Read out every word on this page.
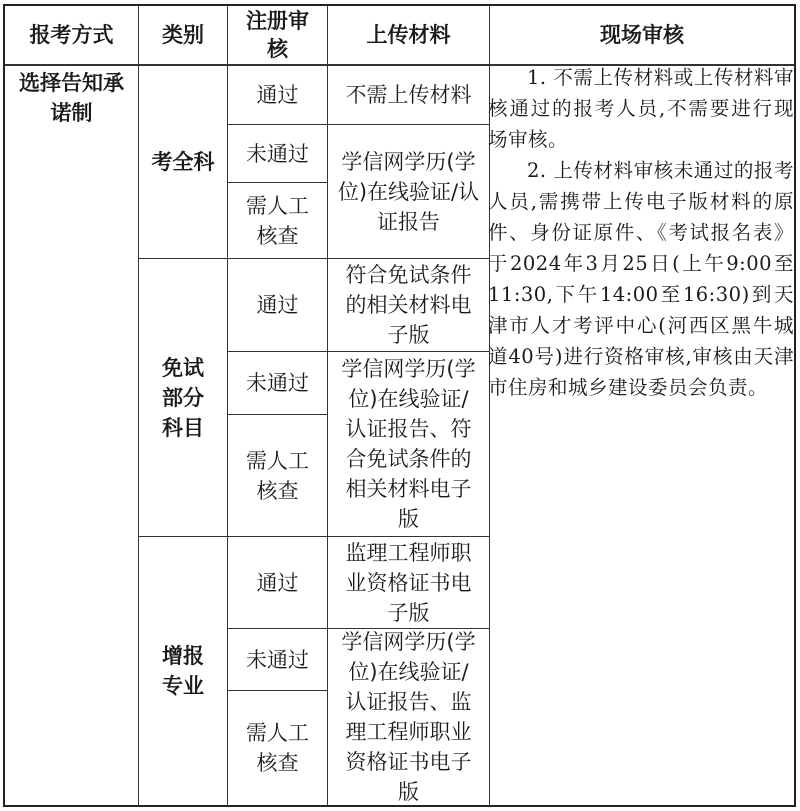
报考方式	类别
注册审核
上传材料	现场审核
选择告知承诺制
考全科
通过
未通过
需人工核查
不需上传材料
学信网学历(学位)在线验证/认证报告
免试部分科目
通过
未通过
需人工核查
符合免试条件的相关材料电子版
学信网学历(学位)在线验证/认证报告、符合免试条件的相关材料电子版
增报专业
通过
未通过
需人工核查
监理工程师职业资格证书电子版
学信网学历(学位)在线验证/认证报告、监理工程师职业资格证书电子版

1. 不需上传材料或上传材料审核通过的报考人员,不需要进行现场审核。

2. 上传材料审核未通过的报考人员,需携带上传电子版材料的原件、身份证原件、《考试报名表》于2024年3月25日(上午9:00至11:30,下午14:00至16:30)到天津市人才考评中心(河西区黑牛城道40号)进行资格审核,审核由天津市住房和城乡建设委员会负责。
